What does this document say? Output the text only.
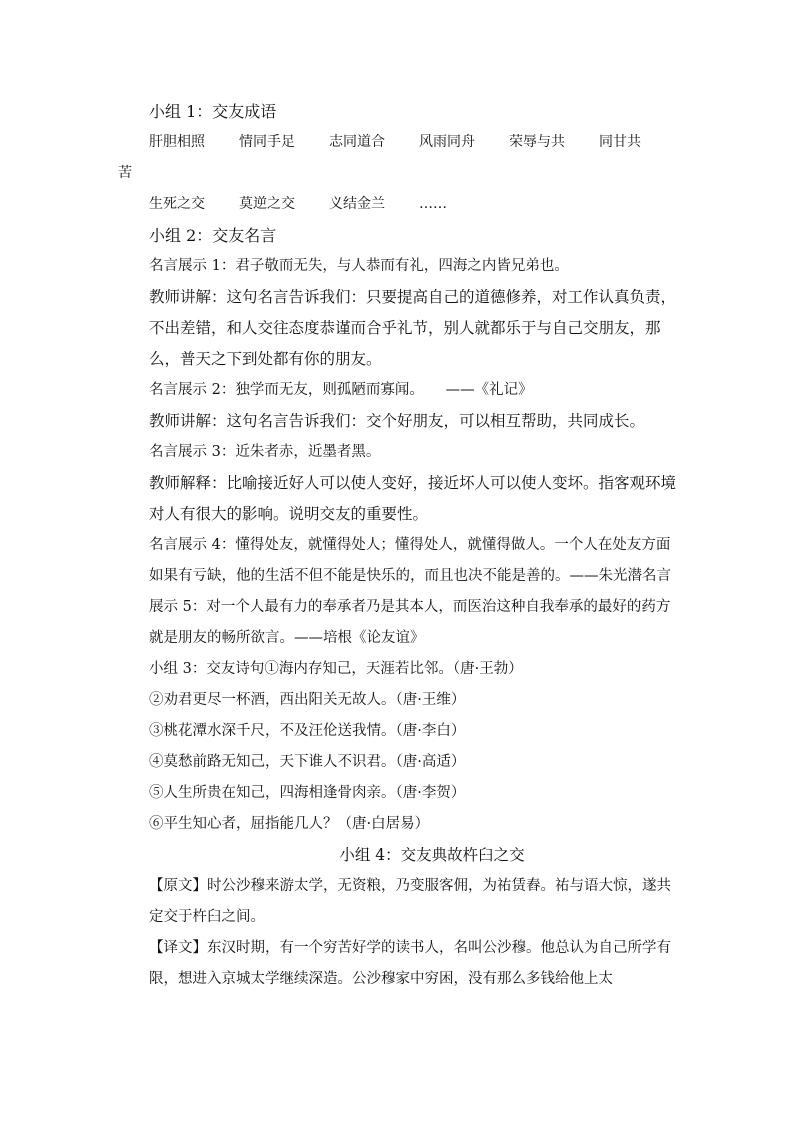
小组 1：交友成语

肝胆相照 情同手足 志同道合 风雨同舟 荣辱与共 同甘共
苦
生死之交 莫逆之交 义结金兰 ……

小组 2：交友名言

名言展示 1：君子敬而无失，与人恭而有礼，四海之内皆兄弟也。

教师讲解：这句名言告诉我们：只要提高自己的道德修养，对工作认真负责，不出差错，和人交往态度恭谨而合乎礼节，别人就都乐于与自己交朋友，那么，普天之下到处都有你的朋友。

名言展示 2：独学而无友，则孤陋而寡闻。　　——《礼记》

教师讲解：这句名言告诉我们：交个好朋友，可以相互帮助，共同成长。

名言展示 3：近朱者赤，近墨者黑。

教师解释：比喻接近好人可以使人变好，接近坏人可以使人变坏。指客观环境对人有很大的影响。说明交友的重要性。

名言展示 4：懂得处友，就懂得处人；懂得处人，就懂得做人。一个人在处友方面如果有亏缺，他的生活不但不能是快乐的，而且也决不能是善的。——朱光潜名言展示 5：对一个人最有力的奉承者乃是其本人，而医治这种自我奉承的最好的药方就是朋友的畅所欲言。——培根《论友谊》

小组 3：交友诗句①海内存知己，天涯若比邻。（唐·王勃）

②劝君更尽一杯酒，西出阳关无故人。（唐·王维）

③桃花潭水深千尺，不及汪伦送我情。（唐·李白）

④莫愁前路无知己，天下谁人不识君。（唐·高适）

⑤人生所贵在知己，四海相逢骨肉亲。（唐·李贺）

⑥平生知心者，屈指能几人？（唐·白居易）

小组 4：交友典故杵臼之交

【原文】时公沙穆来游太学，无资粮，乃变服客佣，为祐赁舂。祐与语大惊，遂共定交于杵臼之间。

【译文】东汉时期，有一个穷苦好学的读书人，名叫公沙穆。他总认为自己所学有限，想进入京城太学继续深造。公沙穆家中穷困，没有那么多钱给他上太
